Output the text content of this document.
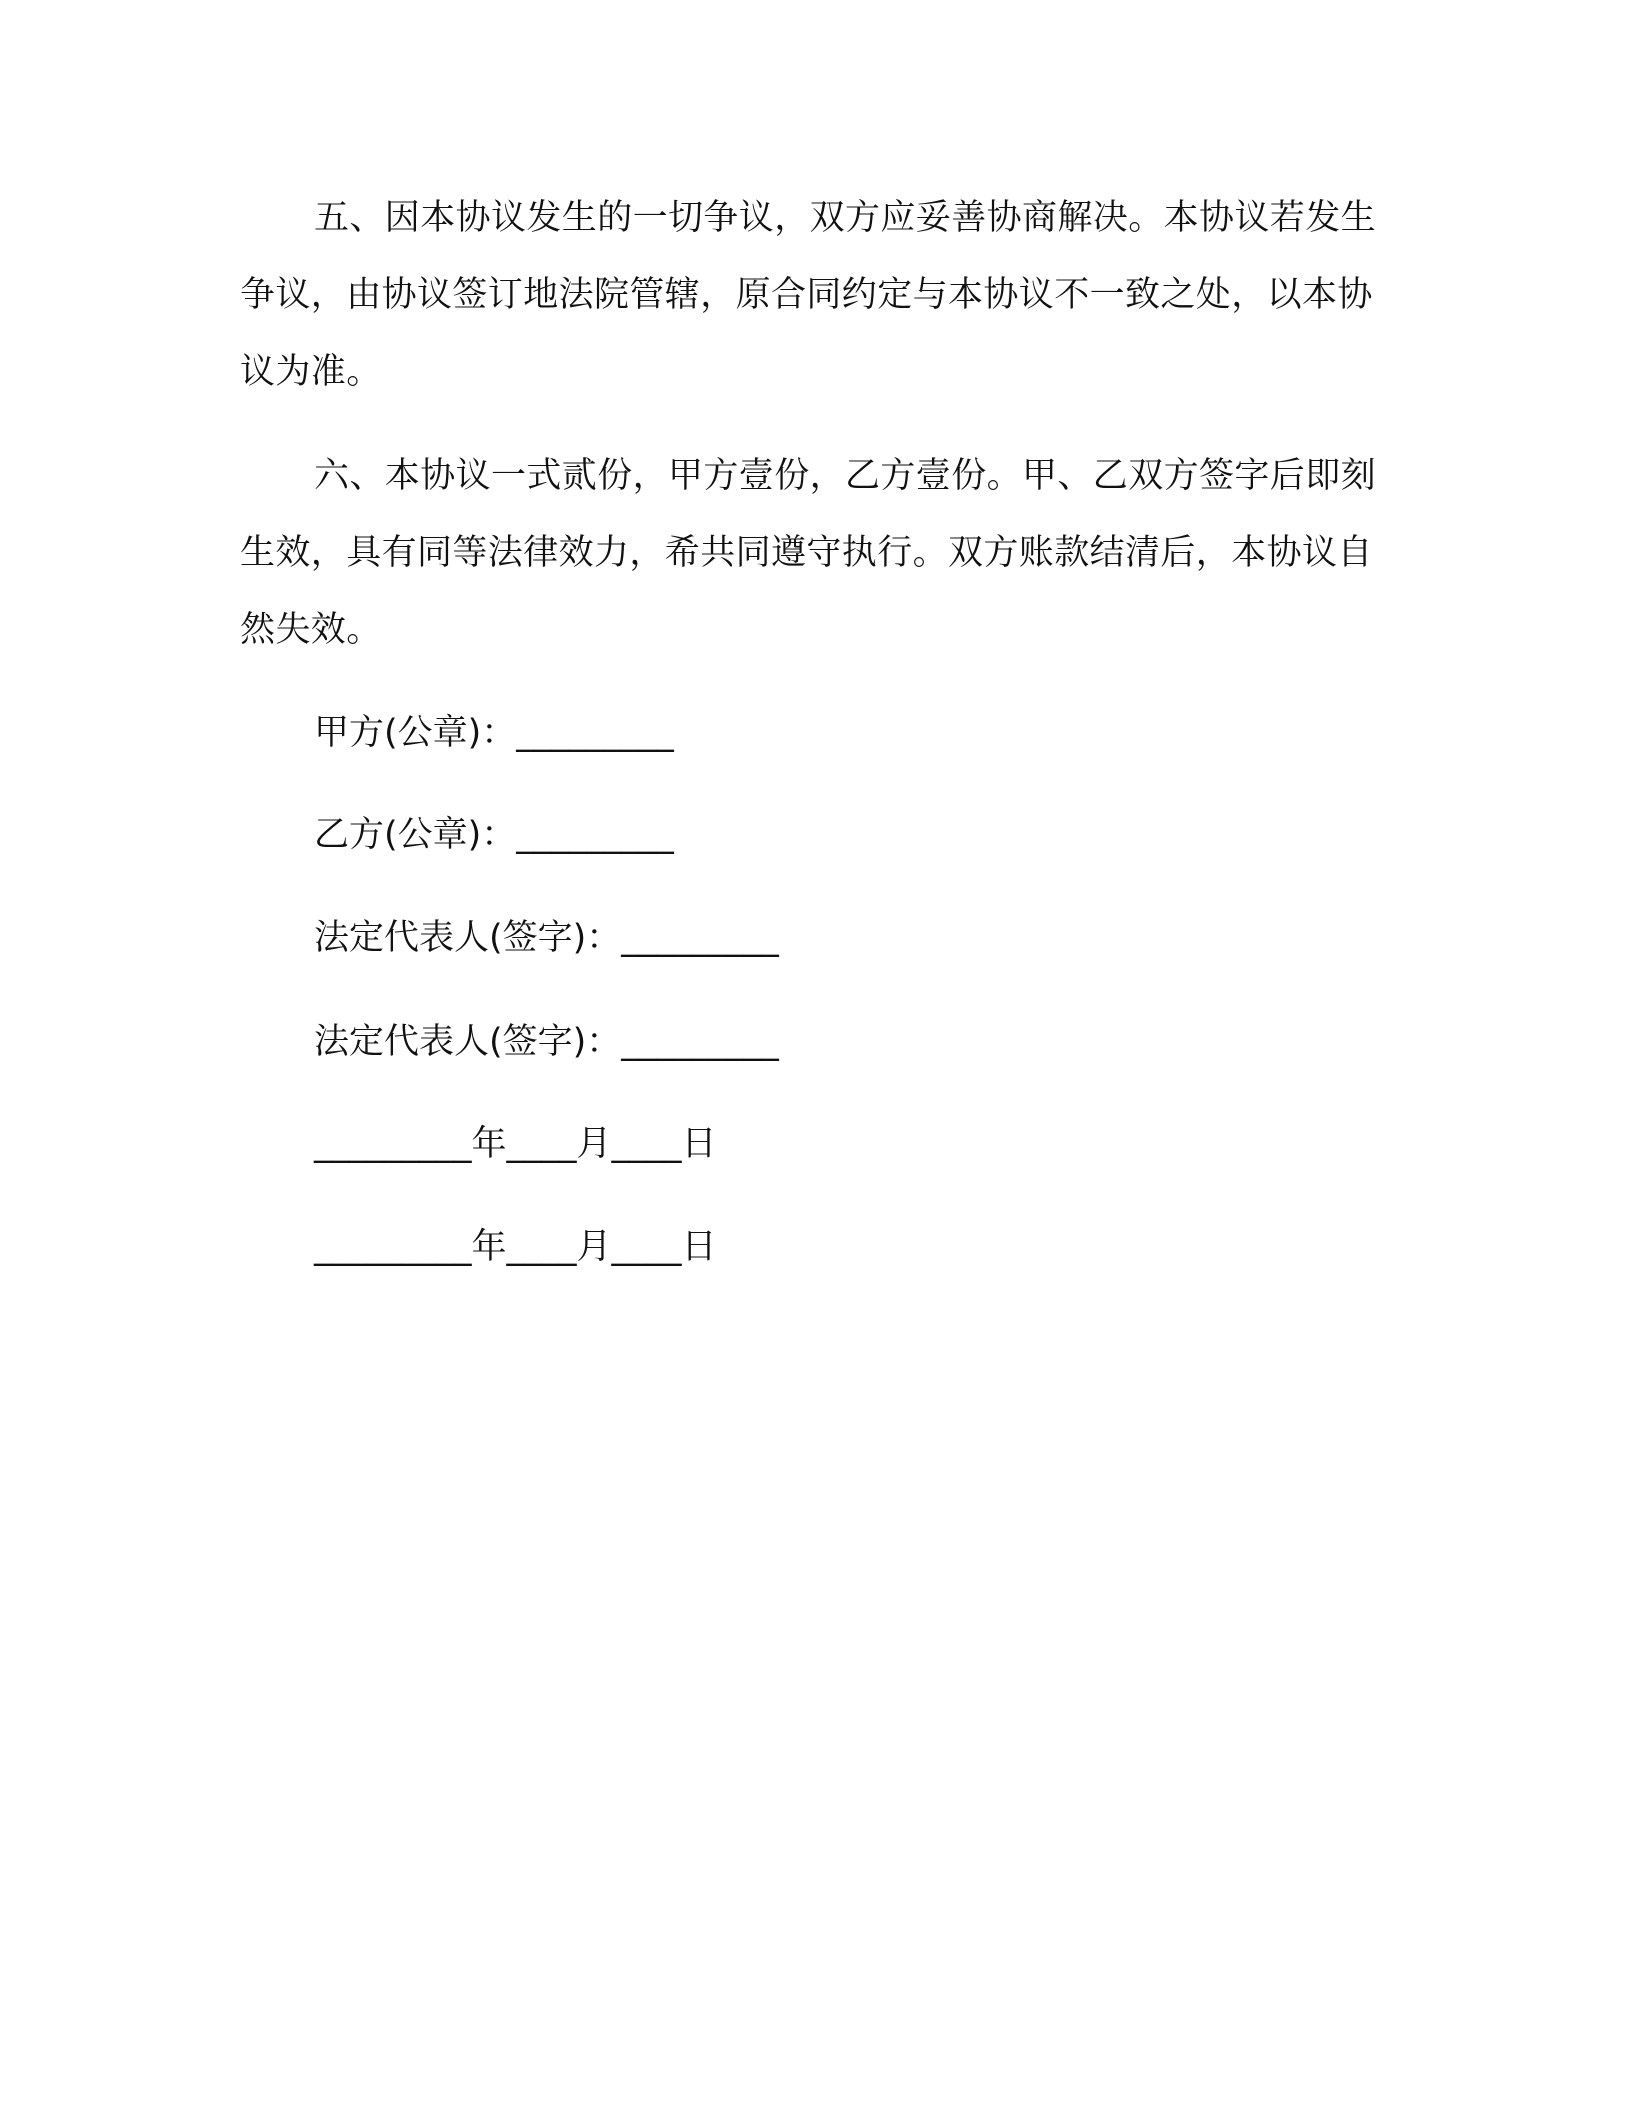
五、因本协议发生的一切争议，双方应妥善协商解决。本协议若发生争议，由协议签订地法院管辖，原合同约定与本协议不一致之处，以本协议为准。

六、本协议一式贰份，甲方壹份，乙方壹份。甲、乙双方签字后即刻生效，具有同等法律效力，希共同遵守执行。双方账款结清后，本协议自然失效。

甲方(公章)：_________

乙方(公章)：_________

法定代表人(签字)：_________

法定代表人(签字)：_________

_________年____月____日

_________年____月____日
